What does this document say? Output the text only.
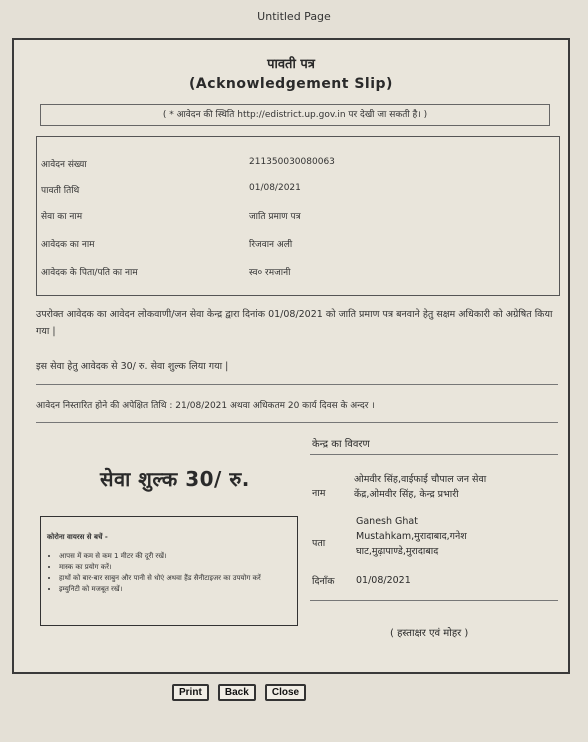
Untitled Page
पावती पत्र
(Acknowledgement Slip)
( * आवेदन की स्थिति http://edistrict.up.gov.in पर देखी जा सकती है। )
आवेदन संख्या	211350030080063
पावती तिथि	01/08/2021
सेवा का नाम	जाति प्रमाण पत्र
आवेदक का नाम	रिजवान अली
आवेदक के पिता/पति का नाम	स्व० रमजानी
उपरोक्त आवेदक का आवेदन लोकवाणी/जन सेवा केन्द्र द्वारा दिनांक 01/08/2021 को जाति प्रमाण पत्र बनवाने हेतु सक्षम अधिकारी को अग्रेषित किया गया |
इस सेवा हेतु आवेदक से 30/ रु. सेवा शुल्क लिया गया |
आवेदन निस्तारित होने की अपेक्षित तिथि : 21/08/2021 अथवा अधिकतम 20 कार्य दिवस के अन्दर ।
केन्द्र का विवरण
सेवा शुल्क 30/ रु.
नाम
ओमवीर सिंह,वाईफाई चौपाल जन सेवा
केंद्र,ओमवीर सिंह, केन्द्र प्रभारी
पता
Ganesh Ghat
Mustahkam,मुरादाबाद,गनेश
घाट,मुढ़ापाण्डे,मुरादाबाद
दिनाँक 01/08/2021
कोरोना वायरस से बचें -
• आपस में कम से कम 1 मीटर की दूरी रखें।
• मास्क का प्रयोग करें।
• हाथों को बार-बार साबुन और पानी से धोएं अथवा हैंड सैनीटाइजर का उपयोग करें
• इम्युनिटी को मजबूत रखें।
( हस्ताक्षर एवं मोहर )
Print Back Close
